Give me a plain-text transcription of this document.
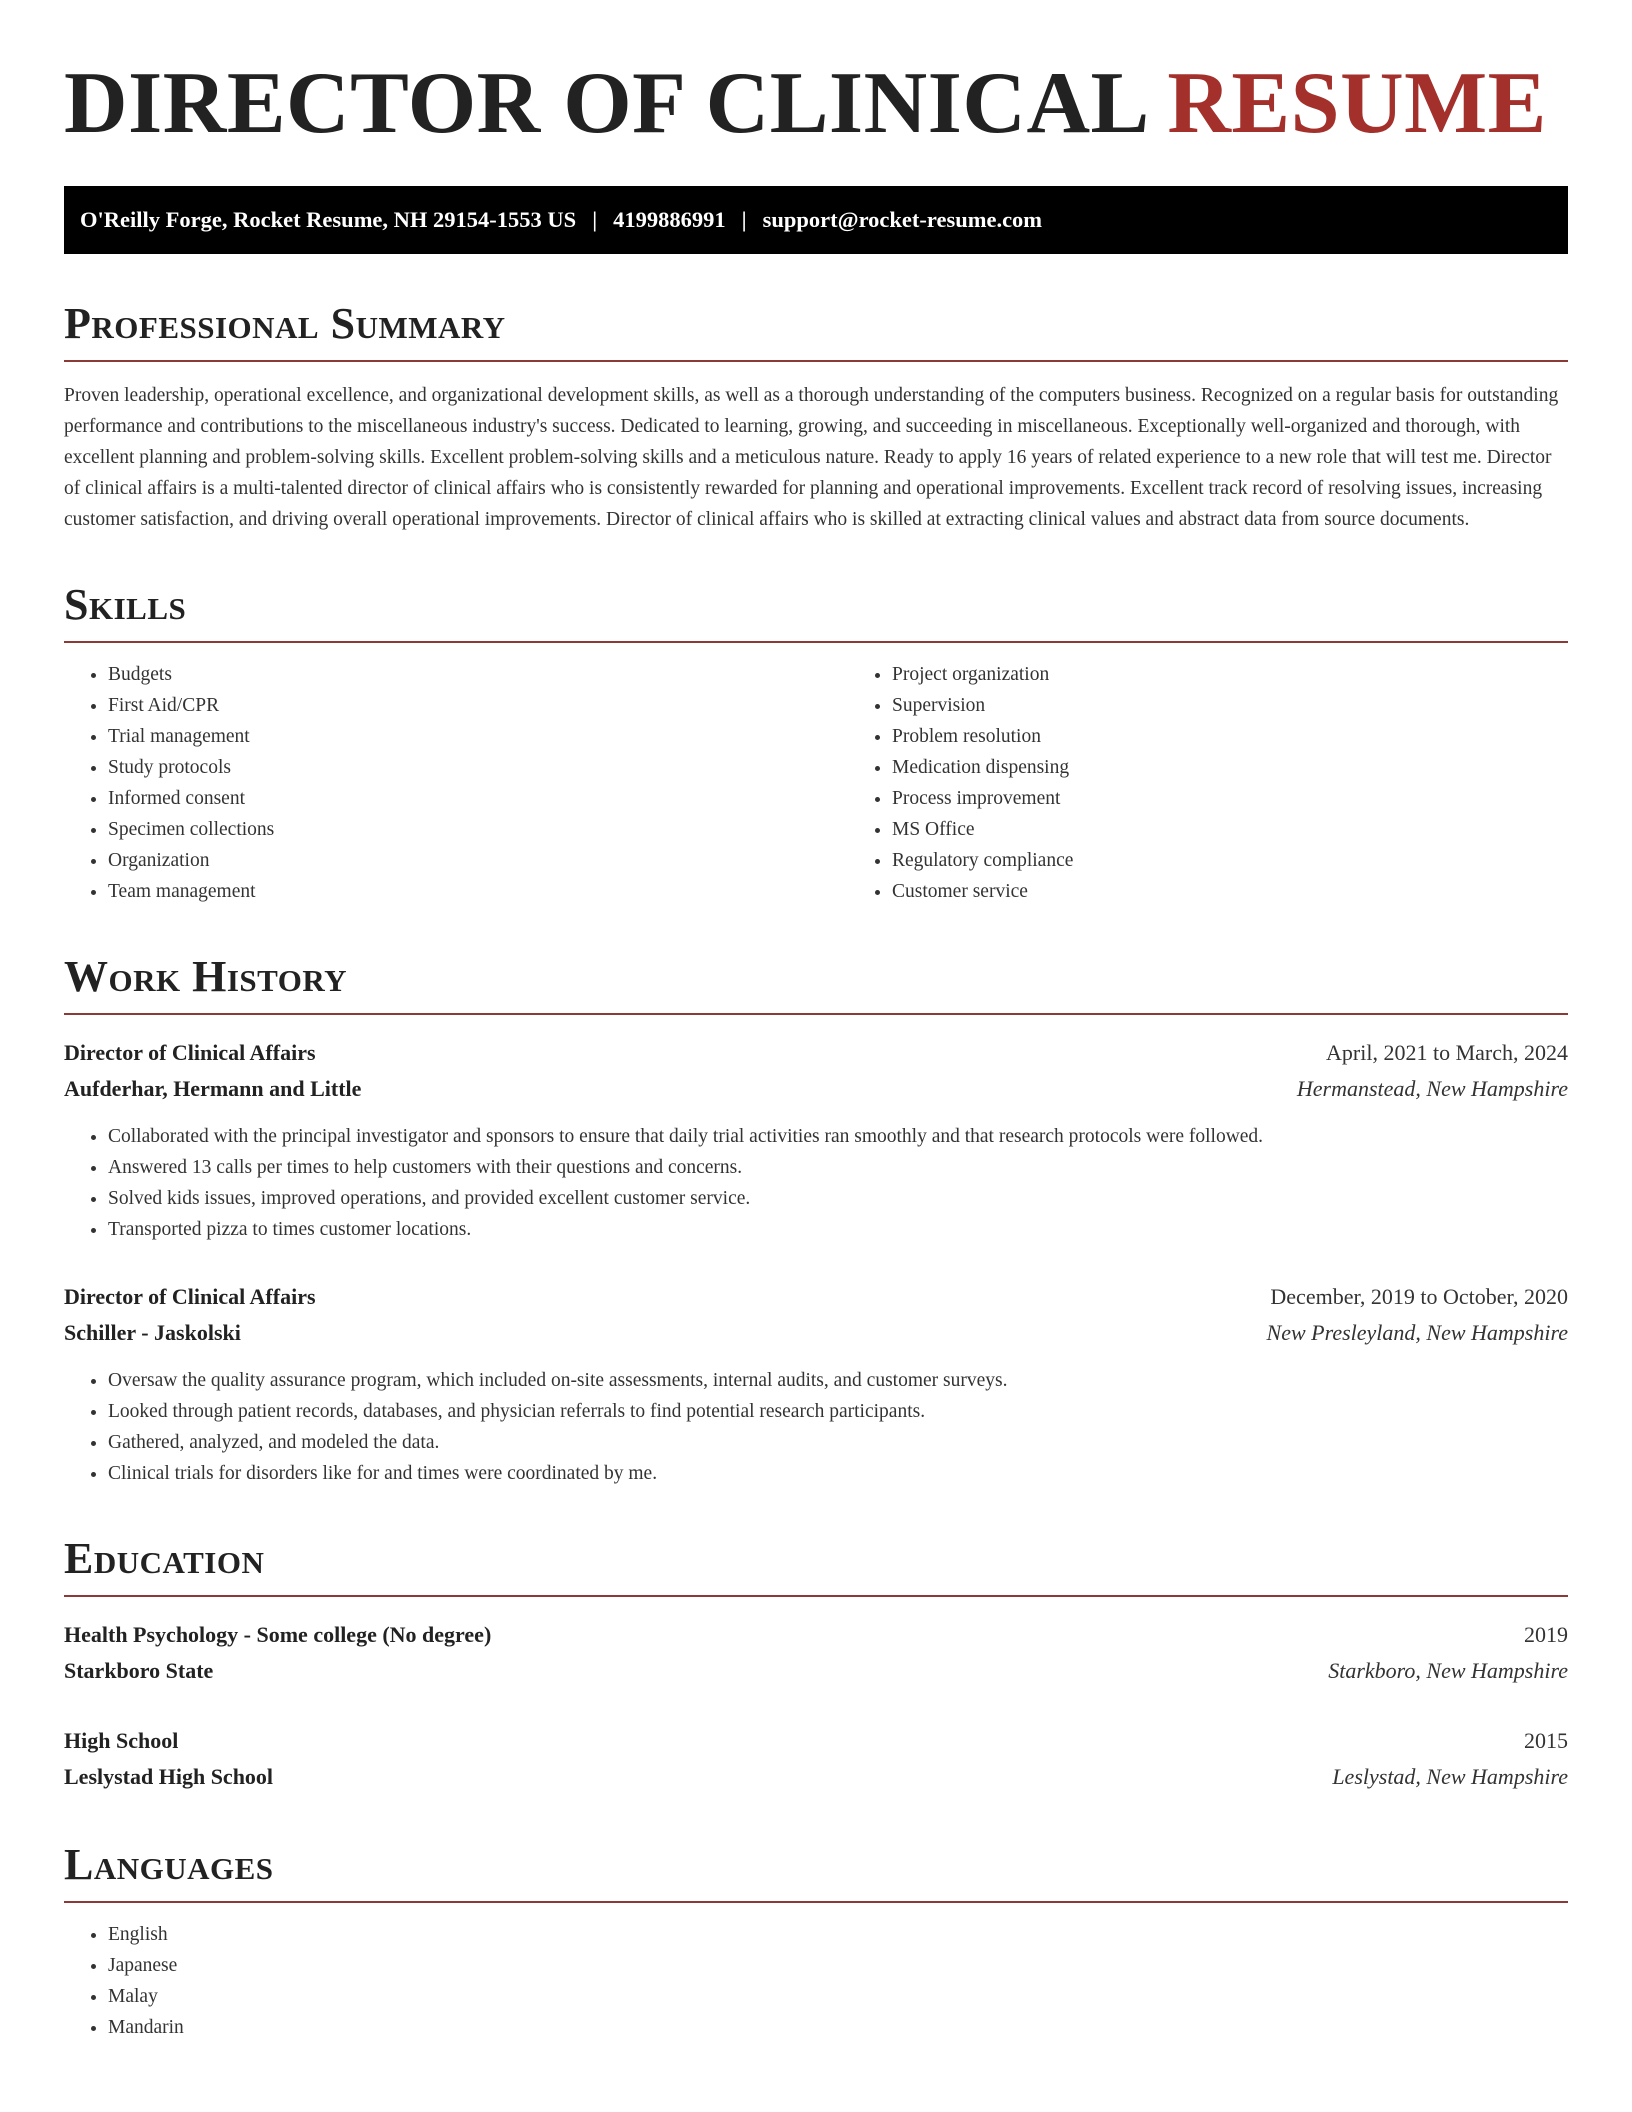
DIRECTOR OF CLINICAL RESUME
O'Reilly Forge, Rocket Resume, NH 29154-1553 US | 4199886991 | support@rocket-resume.com
Professional Summary

Proven leadership, operational excellence, and organizational development skills, as well as a thorough understanding of the computers business. Recognized on a regular basis for outstanding performance and contributions to the miscellaneous industry's success. Dedicated to learning, growing, and succeeding in miscellaneous. Exceptionally well-organized and thorough, with excellent planning and problem-solving skills. Excellent problem-solving skills and a meticulous nature. Ready to apply 16 years of related experience to a new role that will test me. Director of clinical affairs is a multi-talented director of clinical affairs who is consistently rewarded for planning and operational improvements. Excellent track record of resolving issues, increasing customer satisfaction, and driving overall operational improvements. Director of clinical affairs who is skilled at extracting clinical values and abstract data from source documents.

Skills
• Budgets
• First Aid/CPR
• Trial management
• Study protocols
• Informed consent
• Specimen collections
• Organization
• Team management
• Project organization
• Supervision
• Problem resolution
• Medication dispensing
• Process improvement
• MS Office
• Regulatory compliance
• Customer service
Work History
Director of Clinical Affairs	April, 2021 to March, 2024
Aufderhar, Hermann and Little	Hermanstead, New Hampshire
• Collaborated with the principal investigator and sponsors to ensure that daily trial activities ran smoothly and that research protocols were followed.
• Answered 13 calls per times to help customers with their questions and concerns.
• Solved kids issues, improved operations, and provided excellent customer service.
• Transported pizza to times customer locations.
Director of Clinical Affairs	December, 2019 to October, 2020
Schiller - Jaskolski	New Presleyland, New Hampshire
• Oversaw the quality assurance program, which included on-site assessments, internal audits, and customer surveys.
• Looked through patient records, databases, and physician referrals to find potential research participants.
• Gathered, analyzed, and modeled the data.
• Clinical trials for disorders like for and times were coordinated by me.
Education
Health Psychology - Some college (No degree)	2019
Starkboro State	Starkboro, New Hampshire
High School	2015
Leslystad High School	Leslystad, New Hampshire
Languages
• English
• Japanese
• Malay
• Mandarin
